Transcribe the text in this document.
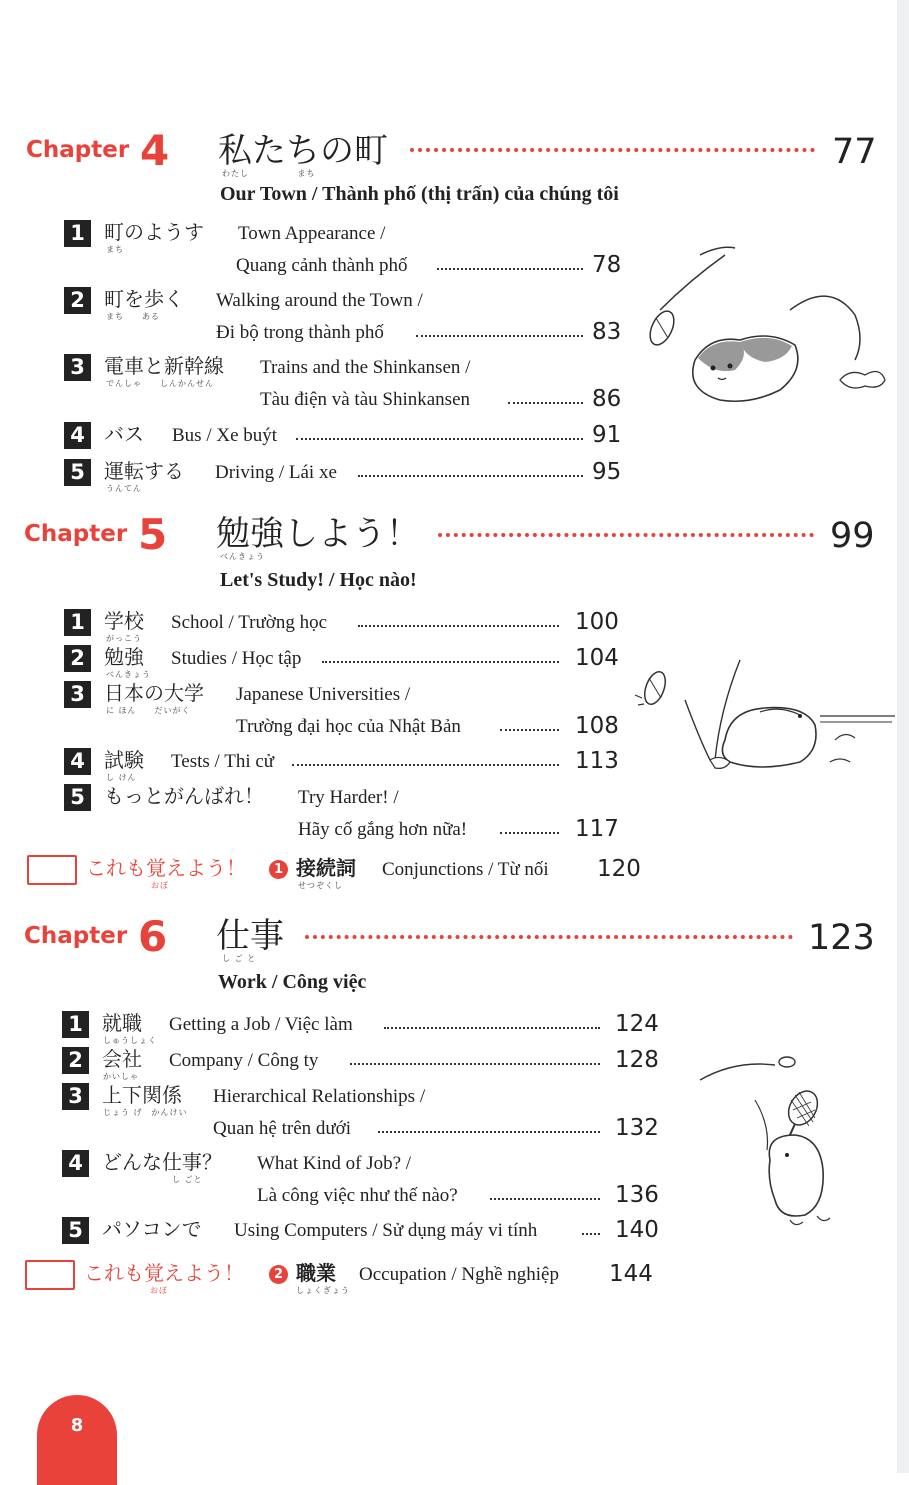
Chapter 4 私たちの町
わたし　　　　　 まち
77
Our Town / Thành phố (thị trấn) của chúng tôi
1 町のようす
まち
Town Appearance /
Quang cảnh thành phố	78
2 町を歩く
まち　　ある
Walking around the Town /
Đi bộ trong thành phố	83
3 電車と新幹線
でんしゃ　　しんかんせん
Trains and the Shinkansen /
Tàu điện và tàu Shinkansen	86
4 バス Bus / Xe buýt	91
5 運転する
うんてん
Driving / Lái xe	95
Chapter 5 勉強しよう！
べんきょう
99
Let's Study! / Học nào!
1 学校
がっこう
School / Trường học	100
2 勉強
べんきょう
Studies / Học tập	104
3 日本の大学
に ほん　　だいがく
Japanese Universities /
Trường đại học của Nhật Bản	108
4 試験
し けん
Tests / Thi cử	113
5 もっとがんばれ！ Try Harder! /
Hãy cố gắng hơn nữa!	117
これも覚えよう！
おぼ
1 接続詞
せつぞくし
Conjunctions / Từ nối 120
Chapter 6 仕事
し ご と
123
Work / Công việc
1 就職
しゅうしょく
Getting a Job / Việc làm	124
2 会社
かいしゃ
Company / Công ty	128
3 上下関係
じょう げ　かんけい
Hierarchical Relationships /
Quan hệ trên dưới	132
4 どんな仕事？
し ごと
What Kind of Job? /
Là công việc như thế nào?	136
5 パソコンで Using Computers / Sử dụng máy vi tính	140
これも覚えよう！
おぼ
2 職業
しょくぎょう
Occupation / Nghề nghiệp 144
8
